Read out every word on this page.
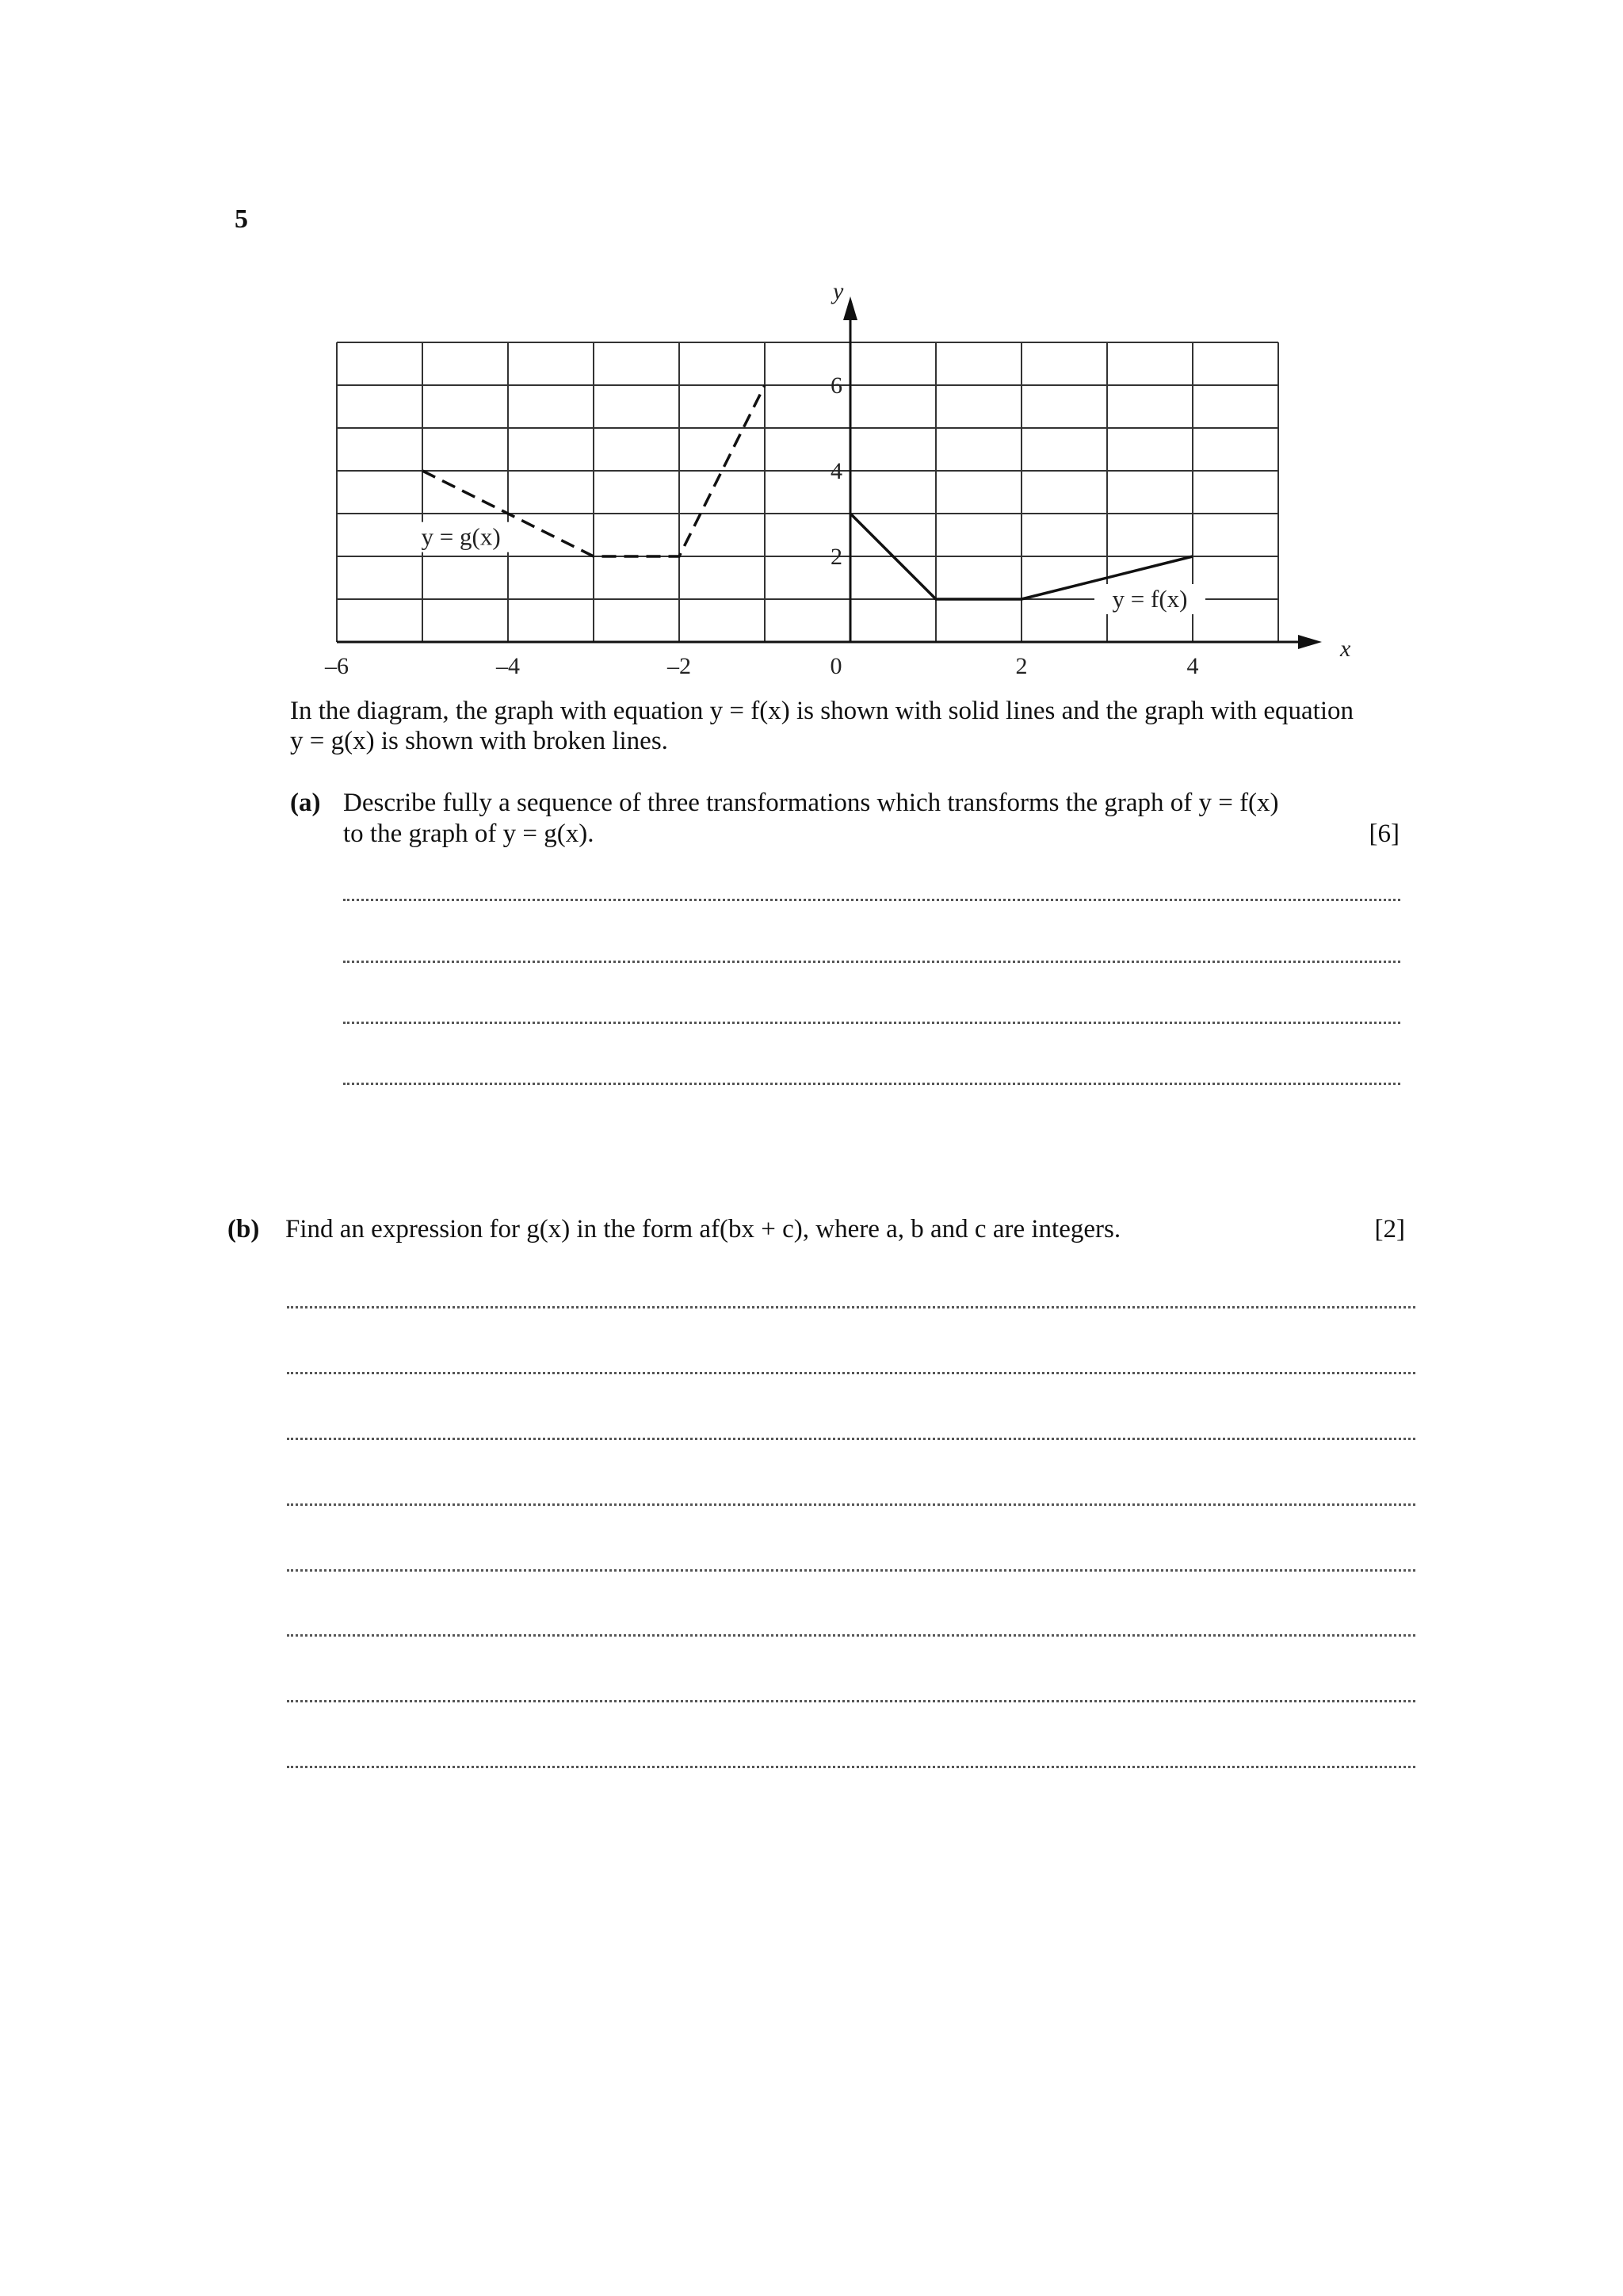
5
x
y
–6	–4	–2	0	2	4
2
4
6
y = f(x)
y = g(x)

In the diagram, the graph with equation y = f(x) is shown with solid lines and the graph with equation

y = g(x) is shown with broken lines.

(a) Describe fully a sequence of three transformations which transforms the graph of y = f(x) to the graph of y = g(x).	[6]
(b) Find an expression for g(x) in the form af(bx + c), where a, b and c are integers.	[2]
